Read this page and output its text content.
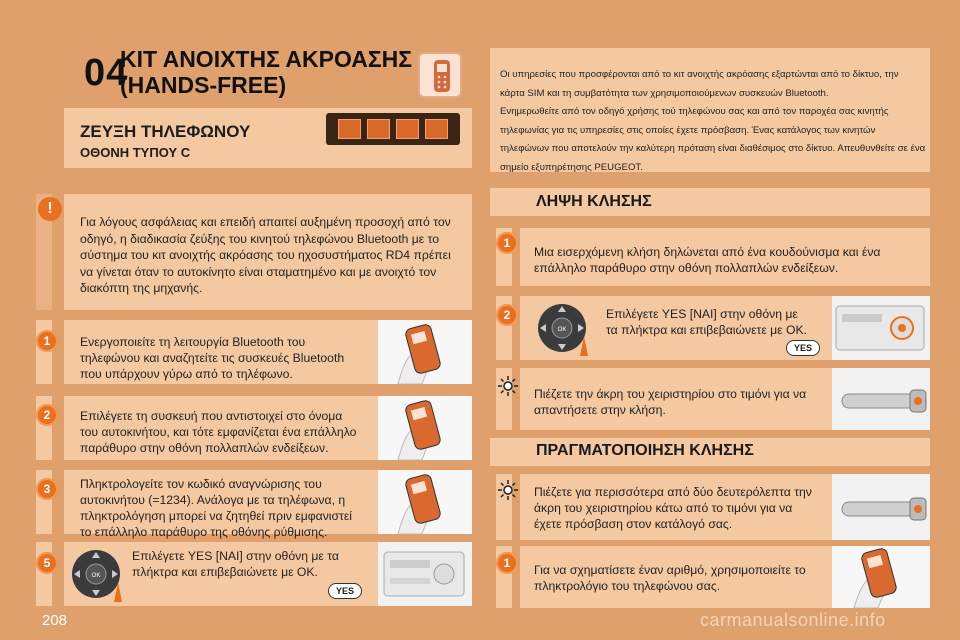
04
ΚΙΤ ΑΝΟΙΧΤΗΣ ΑΚΡΟΑΣΗΣ
(HANDS-FREE)
ΖΕΥΞΗ ΤΗΛΕΦΩΝΟΥ
ΟΘΟΝΗ ΤΥΠΟΥ C
Οι υπηρεσίες που προσφέρονται από το κιτ ανοιχτής ακρόασης εξαρτώνται από το δίκτυο, την
κάρτα SIM και τη συμβατότητα των χρησιμοποιούμενων συσκευών Bluetooth.
Ενημερωθείτε από τον οδηγό χρήσης τού τηλεφώνου σας και από τον παροχέα σας κινητής
τηλεφωνίας για τις υπηρεσίες στις οποίες έχετε πρόσβαση. Ένας κατάλογος των κινητών
τηλεφώνων που αποτελούν την καλύτερη πρόταση είναι διαθέσιμος στο δίκτυο. Απευθυνθείτε σε ένα
σημείο εξυπηρέτησης PEUGEOT.
!
Για λόγους ασφάλειας και επειδή απαιτεί αυξημένη προσοχή από τον
οδηγό, η διαδικασία ζεύξης του κινητού τηλεφώνου Bluetooth με το
σύστημα του κιτ ανοιχτής ακρόασης του ηχοσυστήματος RD4 πρέπει
να γίνεται όταν το αυτοκίνητο είναι σταματημένο και με ανοιχτό τον
διακόπτη της μηχανής.
1	Ενεργοποιείτε τη λειτουργία Bluetooth του
τηλεφώνου και αναζητείτε τις συσκευές Bluetooth
που υπάρχουν γύρω από το τηλέφωνο.
2	Επιλέγετε τη συσκευή που αντιστοιχεί στο όνομα
του αυτοκινήτου, και τότε εμφανίζεται ένα επάλληλο
παράθυρο στην οθόνη πολλαπλών ενδείξεων.
3	Πληκτρολογείτε τον κωδικό αναγνώρισης του
αυτοκινήτου (=1234). Ανάλογα με τα τηλέφωνα, η
πληκτρολόγηση μπορεί να ζητηθεί πριν εμφανιστεί
το επάλληλο παράθυρο της οθόνης ρύθμισης.
5
OK
Επιλέγετε YES [ΝΑΙ] στην οθόνη με τα
πλήκτρα και επιβεβαιώνετε με OK.
YES
ΛΗΨΗ ΚΛΗΣΗΣ
1
Μια εισερχόμενη κλήση δηλώνεται από ένα κουδούνισμα και ένα
επάλληλο παράθυρο στην οθόνη πολλαπλών ενδείξεων.
2
OK
Επιλέγετε YES [ΝΑΙ] στην οθόνη με
τα πλήκτρα και επιβεβαιώνετε με OK.
YES
Πιέζετε την άκρη του χειριστηρίου στο τιμόνι για να
απαντήσετε στην κλήση.
ΠΡΑΓΜΑΤΟΠΟΙΗΣΗ ΚΛΗΣΗΣ
Πιέζετε για περισσότερα από δύο δευτερόλεπτα την
άκρη του χειριστηρίου κάτω από το τιμόνι για να
έχετε πρόσβαση στον κατάλογό σας.
1	Για να σχηματίσετε έναν αριθμό, χρησιμοποιείτε το
πληκτρολόγιο του τηλεφώνου σας.
208	carmanualsonline.info
